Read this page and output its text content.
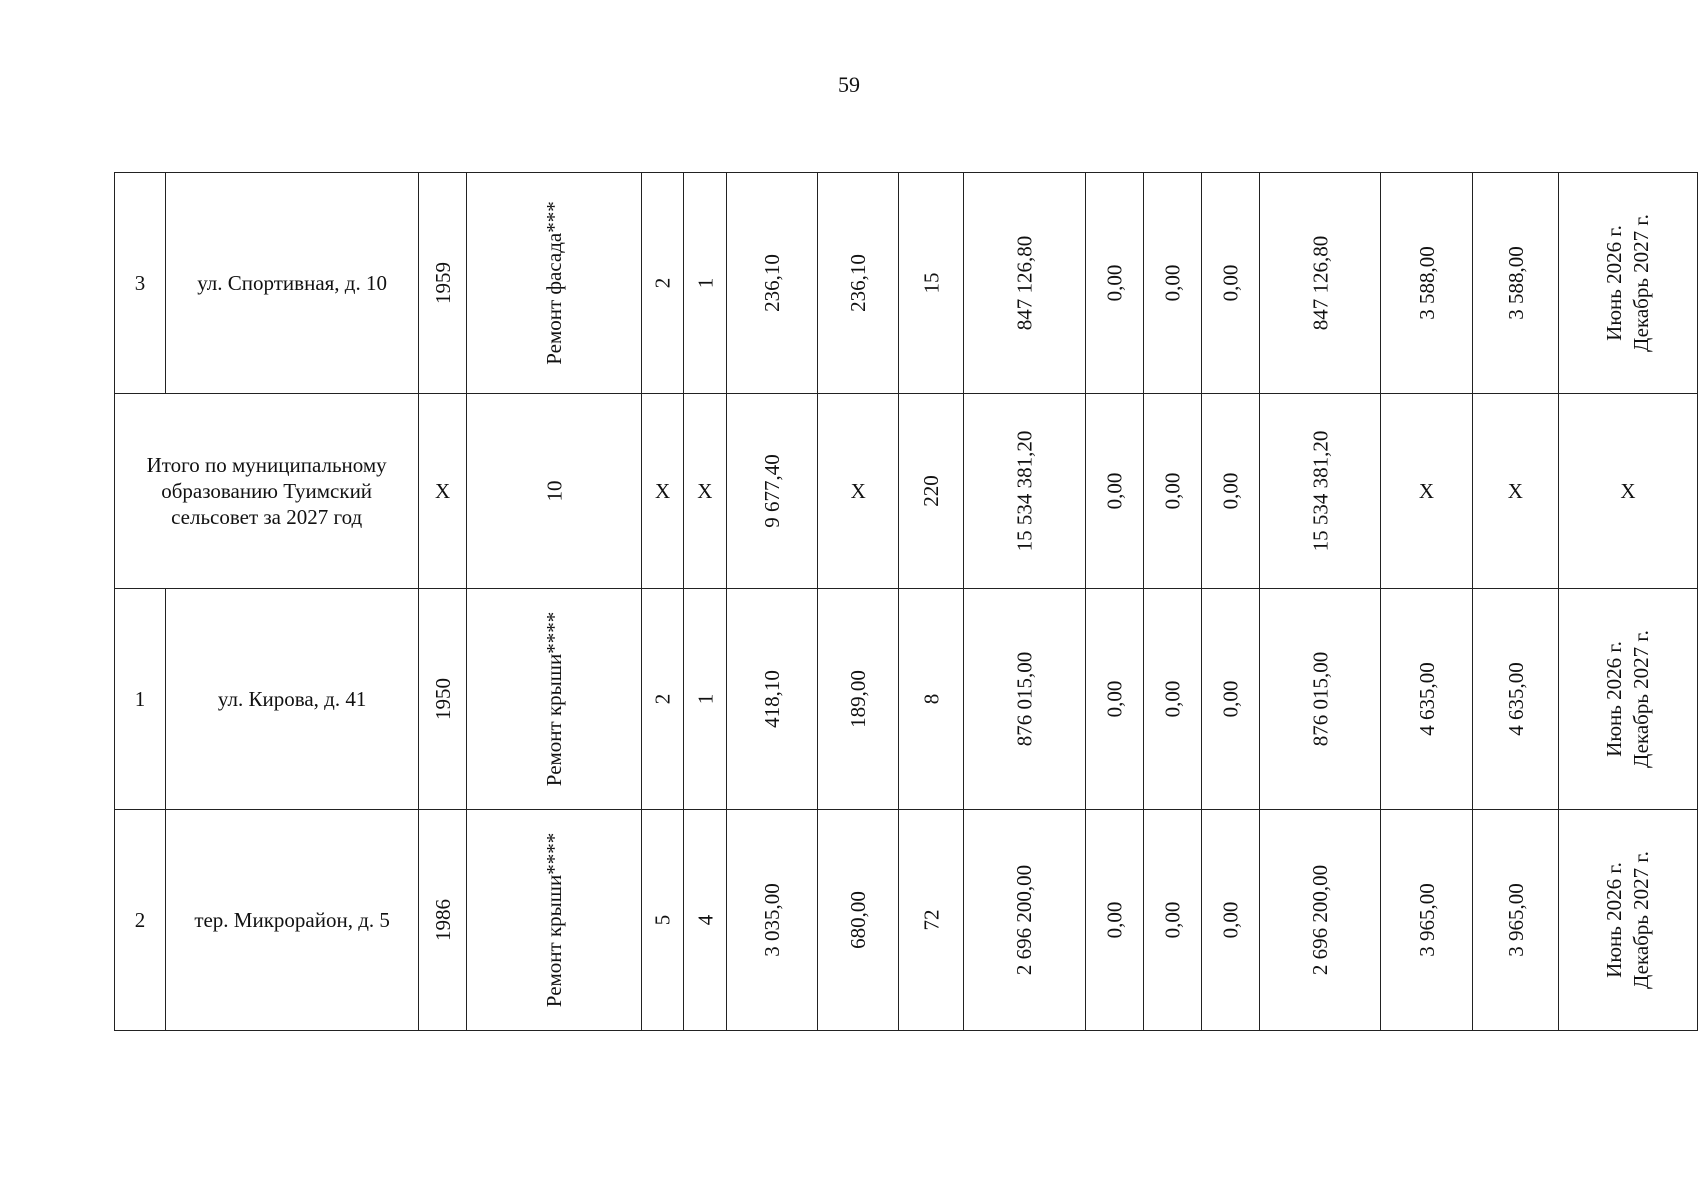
59
3	ул. Спортивная, д. 10	1959	Ремонт фасада***	2	1	236,10	236,10	15	847 126,80	0,00	0,00	0,00	847 126,80	3 588,00	3 588,00	Июнь 2026 г. Декабрь 2027 г.

Итого по муниципальному
образованию Туимский
сельсовет за 2027 год		X	10	X	X	9 677,40	X	220	15 534 381,20	0,00	0,00	0,00	15 534 381,20	X	X	X
1	ул. Кирова, д. 41	1950	Ремонт крыши****	2	1	418,10	189,00	8	876 015,00	0,00	0,00	0,00	876 015,00	4 635,00	4 635,00	Июнь 2026 г. Декабрь 2027 г.

2	тер. Микрорайон, д. 5	1986	Ремонт крыши****	5	4	3 035,00	680,00	72	2 696 200,00	0,00	0,00	0,00	2 696 200,00	3 965,00	3 965,00	Июнь 2026 г. Декабрь 2027 г.
